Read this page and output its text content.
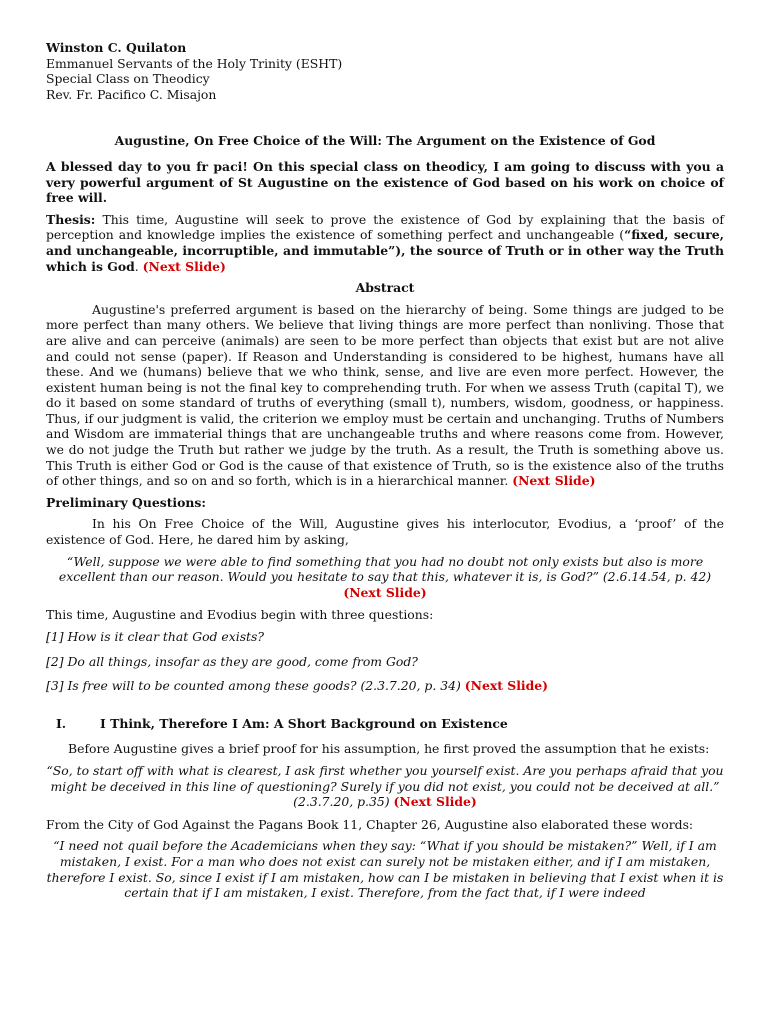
Winston C. Quilaton

Emmanuel Servants of the Holy Trinity (ESHT)

Special Class on Theodicy

Rev. Fr. Pacifico C. Misajon

Augustine, On Free Choice of the Will: The Argument on the Existence of God

A blessed day to you fr paci! On this special class on theodicy, I am going to discuss with you a very powerful argument of St Augustine on the existence of God based on his work on choice of free will.

Thesis: This time, Augustine will seek to prove the existence of God by explaining that the basis of perception and knowledge implies the existence of something perfect and unchangeable (“fixed, secure, and unchangeable, incorruptible, and immutable”), the source of Truth or in other way the Truth which is God. (Next Slide)

Abstract

Augustine's preferred argument is based on the hierarchy of being. Some things are judged to be more perfect than many others. We believe that living things are more perfect than nonliving. Those that are alive and can perceive (animals) are seen to be more perfect than objects that exist but are not alive and could not sense (paper). If Reason and Understanding is considered to be highest, humans have all these. And we (humans) believe that we who think, sense, and live are even more perfect. However, the existent human being is not the final key to comprehending truth. For when we assess Truth (capital T), we do it based on some standard of truths of everything (small t), numbers, wisdom, goodness, or happiness. Thus, if our judgment is valid, the criterion we employ must be certain and unchanging. Truths of Numbers and Wisdom are immaterial things that are unchangeable truths and where reasons come from. However, we do not judge the Truth but rather we judge by the truth. As a result, the Truth is something above us. This Truth is either God or God is the cause of that existence of Truth, so is the existence also of the truths of other things, and so on and so forth, which is in a hierarchical manner. (Next Slide)

Preliminary Questions:

In his On Free Choice of the Will, Augustine gives his interlocutor, Evodius, a ‘proof’ of the existence of God. Here, he dared him by asking,

“Well, suppose we were able to find something that you had no doubt not only exists but also is more excellent than our reason. Would you hesitate to say that this, whatever it is, is God?” (2.6.14.54, p. 42) (Next Slide)

This time, Augustine and Evodius begin with three questions:

[1] How is it clear that God exists?

[2] Do all things, insofar as they are good, come from God?

[3] Is free will to be counted among these goods? (2.3.7.20, p. 34) (Next Slide)

I.	I Think, Therefore I Am: A Short Background on Existence

Before Augustine gives a brief proof for his assumption, he first proved the assumption that he exists:

“So, to start off with what is clearest, I ask first whether you yourself exist. Are you perhaps afraid that you might be deceived in this line of questioning? Surely if you did not exist, you could not be deceived at all.” (2.3.7.20, p.35) (Next Slide)

From the City of God Against the Pagans Book 11, Chapter 26, Augustine also elaborated these words:

“I need not quail before the Academicians when they say: “What if you should be mistaken?” Well, if I am mistaken, I exist. For a man who does not exist can surely not be mistaken either, and if I am mistaken, therefore I exist. So, since I exist if I am mistaken, how can I be mistaken in believing that I exist when it is certain that if I am mistaken, I exist. Therefore, from the fact that, if I were indeed
